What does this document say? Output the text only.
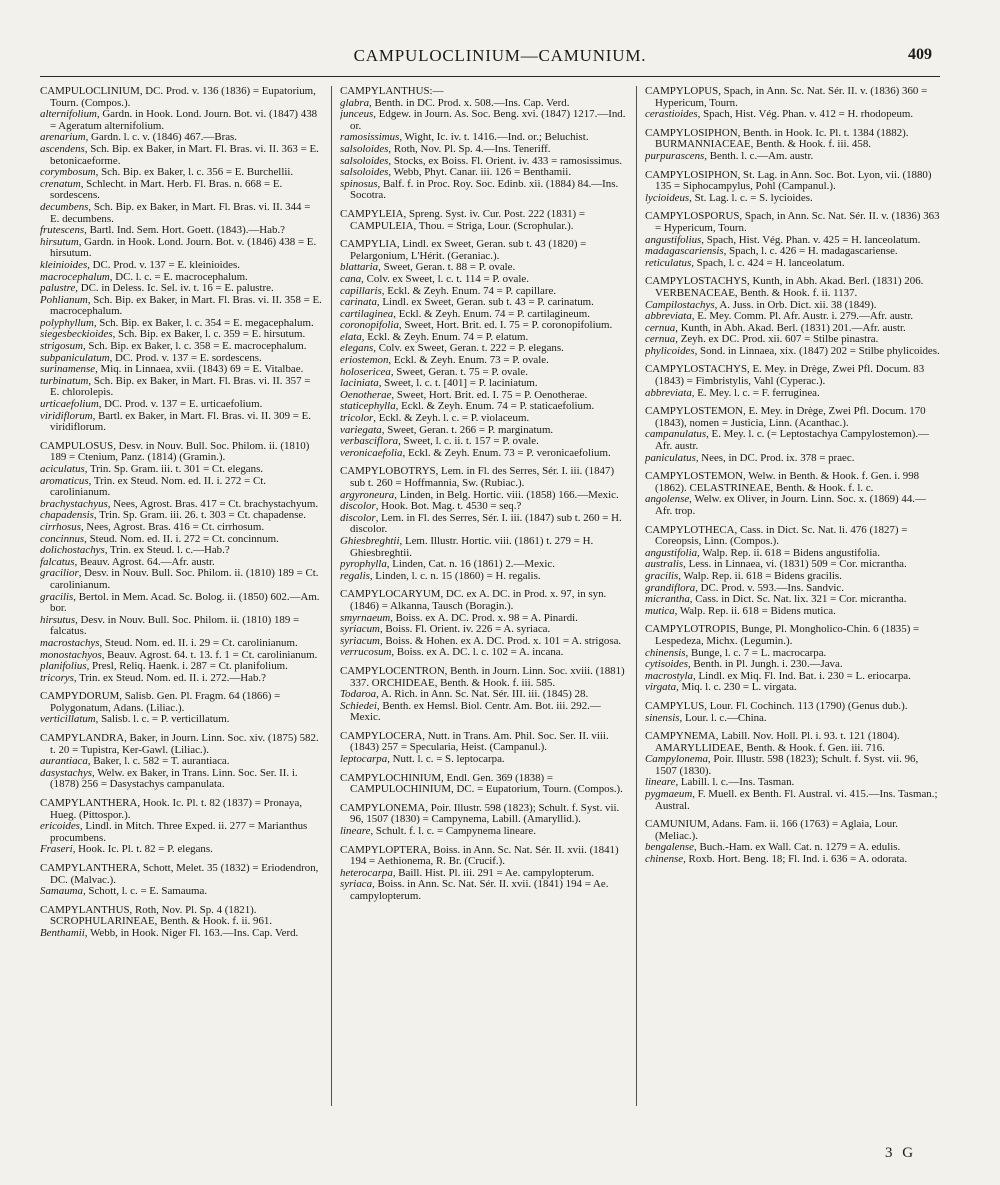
CAMPULOCLINIUM—CAMUNIUM.	409

CAMPULOCLINIUM, DC. Prod. v. 136 (1836) = Eupatorium, Tourn. (Compos.).

alternifolium, Gardn. in Hook. Lond. Journ. Bot. vi. (1847) 438 = Ageratum alternifolium.

arenarium, Gardn. l. c. v. (1846) 467.—Bras.

ascendens, Sch. Bip. ex Baker, in Mart. Fl. Bras. vi. II. 363 = E. betonicaeforme.

corymbosum, Sch. Bip. ex Baker, l. c. 356 = E. Burchellii.

crenatum, Schlecht. in Mart. Herb. Fl. Bras. n. 668 = E. sordescens.

decumbens, Sch. Bip. ex Baker, in Mart. Fl. Bras. vi. II. 344 = E. decumbens.

frutescens, Bartl. Ind. Sem. Hort. Goett. (1843).—Hab.?

hirsutum, Gardn. in Hook. Lond. Journ. Bot. v. (1846) 438 = E. hirsutum.

kleinioides, DC. Prod. v. 137 = E. kleinioides.

macrocephalum, DC. l. c. = E. macrocephalum.

palustre, DC. in Deless. Ic. Sel. iv. t. 16 = E. palustre.

Pohlianum, Sch. Bip. ex Baker, in Mart. Fl. Bras. vi. II. 358 = E. macrocephalum.

polyphyllum, Sch. Bip. ex Baker, l. c. 354 = E. megacephalum.

siegesbeckioides, Sch. Bip. ex Baker, l. c. 359 = E. hirsutum.

strigosum, Sch. Bip. ex Baker, l. c. 358 = E. macrocephalum.

subpaniculatum, DC. Prod. v. 137 = E. sordescens.

surinamense, Miq. in Linnaea, xvii. (1843) 69 = E. Vitalbae.

turbinatum, Sch. Bip. ex Baker, in Mart. Fl. Bras. vi. II. 357 = E. chlorolepis.

urticaefolium, DC. Prod. v. 137 = E. urticaefolium.

viridiflorum, Bartl. ex Baker, in Mart. Fl. Bras. vi. II. 309 = E. viridiflorum.

CAMPULOSUS, Desv. in Nouv. Bull. Soc. Philom. ii. (1810) 189 = Ctenium, Panz. (1814) (Gramin.).

aciculatus, Trin. Sp. Gram. iii. t. 301 = Ct. elegans.

aromaticus, Trin. ex Steud. Nom. ed. II. i. 272 = Ct. carolinianum.

brachystachyus, Nees, Agrost. Bras. 417 = Ct. brachystachyum.

chapadensis, Trin. Sp. Gram. iii. 26. t. 303 = Ct. chapadense.

cirrhosus, Nees, Agrost. Bras. 416 = Ct. cirrhosum.

concinnus, Steud. Nom. ed. II. i. 272 = Ct. concinnum.

dolichostachys, Trin. ex Steud. l. c.—Hab.?

falcatus, Beauv. Agrost. 64.—Afr. austr.

gracilior, Desv. in Nouv. Bull. Soc. Philom. ii. (1810) 189 = Ct. carolinianum.

gracilis, Bertol. in Mem. Acad. Sc. Bolog. ii. (1850) 602.—Am. bor.

hirsutus, Desv. in Nouv. Bull. Soc. Philom. ii. (1810) 189 = falcatus.

macrostachys, Steud. Nom. ed. II. i. 29 = Ct. carolinianum.

monostachyos, Beauv. Agrost. 64. t. 13. f. 1 = Ct. carolinianum.

planifolius, Presl, Reliq. Haenk. i. 287 = Ct. planifolium.

tricorys, Trin. ex Steud. Nom. ed. II. i. 272.—Hab.?

CAMPYDORUM, Salisb. Gen. Pl. Fragm. 64 (1866) = Polygonatum, Adans. (Liliac.).

verticillatum, Salisb. l. c. = P. verticillatum.

CAMPYLANDRA, Baker, in Journ. Linn. Soc. xiv. (1875) 582. t. 20 = Tupistra, Ker-Gawl. (Liliac.).

aurantiaca, Baker, l. c. 582 = T. aurantiaca.

dasystachys, Welw. ex Baker, in Trans. Linn. Soc. Ser. II. i. (1878) 256 = Dasystachys campanulata.

CAMPYLANTHERA, Hook. Ic. Pl. t. 82 (1837) = Pronaya, Hueg. (Pittospor.).

ericoides, Lindl. in Mitch. Three Exped. ii. 277 = Marianthus procumbens.

Fraseri, Hook. Ic. Pl. t. 82 = P. elegans.

CAMPYLANTHERA, Schott, Melet. 35 (1832) = Eriodendron, DC. (Malvac.).

Samauma, Schott, l. c. = E. Samauma.

CAMPYLANTHUS, Roth, Nov. Pl. Sp. 4 (1821). SCROPHULARINEAE, Benth. & Hook. f. ii. 961.

Benthamii, Webb, in Hook. Niger Fl. 163.—Ins. Cap. Verd.

CAMPYLANTHUS:—

glabra, Benth. in DC. Prod. x. 508.—Ins. Cap. Verd.

junceus, Edgew. in Journ. As. Soc. Beng. xvi. (1847) 1217.—Ind. or.

ramosissimus, Wight, Ic. iv. t. 1416.—Ind. or.; Beluchist.

salsoloides, Roth, Nov. Pl. Sp. 4.—Ins. Teneriff.

salsoloides, Stocks, ex Boiss. Fl. Orient. iv. 433 = ramosissimus.

salsoloides, Webb, Phyt. Canar. iii. 126 = Benthamii.

spinosus, Balf. f. in Proc. Roy. Soc. Edinb. xii. (1884) 84.—Ins. Socotra.

CAMPYLEIA, Spreng. Syst. iv. Cur. Post. 222 (1831) = CAMPULEIA, Thou. = Striga, Lour. (Scrophular.).

CAMPYLIA, Lindl. ex Sweet, Geran. sub t. 43 (1820) = Pelargonium, L'Hérit. (Geraniac.).

blattaria, Sweet, Geran. t. 88 = P. ovale.

cana, Colv. ex Sweet, l. c. t. 114 = P. ovale.

capillaris, Eckl. & Zeyh. Enum. 74 = P. capillare.

carinata, Lindl. ex Sweet, Geran. sub t. 43 = P. carinatum.

cartilaginea, Eckl. & Zeyh. Enum. 74 = P. cartilagineum.

coronopifolia, Sweet, Hort. Brit. ed. I. 75 = P. coronopifolium.

elata, Eckl. & Zeyh. Enum. 74 = P. elatum.

elegans, Colv. ex Sweet, Geran. t. 222 = P. elegans.

eriostemon, Eckl. & Zeyh. Enum. 73 = P. ovale.

holosericea, Sweet, Geran. t. 75 = P. ovale.

laciniata, Sweet, l. c. t. [401] = P. laciniatum.

Oenotherae, Sweet, Hort. Brit. ed. I. 75 = P. Oenotherae.

staticephylla, Eckl. & Zeyh. Enum. 74 = P. staticaefolium.

tricolor, Eckl. & Zeyh. l. c. = P. violaceum.

variegata, Sweet, Geran. t. 266 = P. marginatum.

verbasciflora, Sweet, l. c. ii. t. 157 = P. ovale.

veronicaefolia, Eckl. & Zeyh. Enum. 73 = P. veronicaefolium.

CAMPYLOBOTRYS, Lem. in Fl. des Serres, Sér. I. iii. (1847) sub t. 260 = Hoffmannia, Sw. (Rubiac.).

argyroneura, Linden, in Belg. Hortic. viii. (1858) 166.—Mexic.

discolor, Hook. Bot. Mag. t. 4530 = seq.?

discolor, Lem. in Fl. des Serres, Sér. I. iii. (1847) sub t. 260 = H. discolor.

Ghiesbreghtii, Lem. Illustr. Hortic. viii. (1861) t. 279 = H. Ghiesbreghtii.

pyrophylla, Linden, Cat. n. 16 (1861) 2.—Mexic.

regalis, Linden, l. c. n. 15 (1860) = H. regalis.

CAMPYLOCARYUM, DC. ex A. DC. in Prod. x. 97, in syn. (1846) = Alkanna, Tausch (Boragin.).

smyrnaeum, Boiss. ex A. DC. Prod. x. 98 = A. Pinardi.

syriacum, Boiss. Fl. Orient. iv. 226 = A. syriaca.

syriacum, Boiss. & Hohen. ex A. DC. Prod. x. 101 = A. strigosa.

verrucosum, Boiss. ex A. DC. l. c. 102 = A. incana.

CAMPYLOCENTRON, Benth. in Journ. Linn. Soc. xviii. (1881) 337. ORCHIDEAE, Benth. & Hook. f. iii. 585.

Todaroa, A. Rich. in Ann. Sc. Nat. Sér. III. iii. (1845) 28.

Schiedei, Benth. ex Hemsl. Biol. Centr. Am. Bot. iii. 292.—Mexic.

CAMPYLOCERA, Nutt. in Trans. Am. Phil. Soc. Ser. II. viii. (1843) 257 = Specularia, Heist. (Campanul.).

leptocarpa, Nutt. l. c. = S. leptocarpa.

CAMPYLOCHINIUM, Endl. Gen. 369 (1838) = CAMPULOCHINIUM, DC. = Eupatorium, Tourn. (Compos.).

CAMPYLONEMA, Poir. Illustr. 598 (1823); Schult. f. Syst. vii. 96, 1507 (1830) = Campynema, Labill. (Amaryllid.).

lineare, Schult. f. l. c. = Campynema lineare.

CAMPYLOPTERA, Boiss. in Ann. Sc. Nat. Sér. II. xvii. (1841) 194 = Aethionema, R. Br. (Crucif.).

heterocarpa, Baill. Hist. Pl. iii. 291 = Ae. campylopterum.

syriaca, Boiss. in Ann. Sc. Nat. Sér. II. xvii. (1841) 194 = Ae. campylopterum.

CAMPYLOPUS, Spach, in Ann. Sc. Nat. Sér. II. v. (1836) 360 = Hypericum, Tourn.

cerastioides, Spach, Hist. Vég. Phan. v. 412 = H. rhodopeum.

CAMPYLOSIPHON, Benth. in Hook. Ic. Pl. t. 1384 (1882). BURMANNIACEAE, Benth. & Hook. f. iii. 458.

purpurascens, Benth. l. c.—Am. austr.

CAMPYLOSIPHON, St. Lag. in Ann. Soc. Bot. Lyon, vii. (1880) 135 = Siphocampylus, Pohl (Campanul.).

lycioideus, St. Lag. l. c. = S. lycioides.

CAMPYLOSPORUS, Spach, in Ann. Sc. Nat. Sér. II. v. (1836) 363 = Hypericum, Tourn.

angustifolius, Spach, Hist. Vég. Phan. v. 425 = H. lanceolatum.

madagascariensis, Spach, l. c. 426 = H. madagascariense.

reticulatus, Spach, l. c. 424 = H. lanceolatum.

CAMPYLOSTACHYS, Kunth, in Abh. Akad. Berl. (1831) 206. VERBENACEAE, Benth. & Hook. f. ii. 1137.

Campilostachys, A. Juss. in Orb. Dict. xii. 38 (1849).

abbreviata, E. Mey. Comm. Pl. Afr. Austr. i. 279.—Afr. austr.

cernua, Kunth, in Abh. Akad. Berl. (1831) 201.—Afr. austr.

cernua, Zeyh. ex DC. Prod. xii. 607 = Stilbe pinastra.

phylicoides, Sond. in Linnaea, xix. (1847) 202 = Stilbe phylicoides.

CAMPYLOSTACHYS, E. Mey. in Drège, Zwei Pfl. Docum. 83 (1843) = Fimbristylis, Vahl (Cyperac.).

abbreviata, E. Mey. l. c. = F. ferruginea.

CAMPYLOSTEMON, E. Mey. in Drège, Zwei Pfl. Docum. 170 (1843), nomen = Justicia, Linn. (Acanthac.).

campanulatus, E. Mey. l. c. (= Leptostachya Campylostemon).—Afr. austr.

paniculatus, Nees, in DC. Prod. ix. 378 = praec.

CAMPYLOSTEMON, Welw. in Benth. & Hook. f. Gen. i. 998 (1862). CELASTRINEAE, Benth. & Hook. f. l. c.

angolense, Welw. ex Oliver, in Journ. Linn. Soc. x. (1869) 44.—Afr. trop.

CAMPYLOTHECA, Cass. in Dict. Sc. Nat. li. 476 (1827) = Coreopsis, Linn. (Compos.).

angustifolia, Walp. Rep. ii. 618 = Bidens angustifolia.

australis, Less. in Linnaea, vi. (1831) 509 = Cor. micrantha.

gracilis, Walp. Rep. ii. 618 = Bidens gracilis.

grandiflora, DC. Prod. v. 593.—Ins. Sandvic.

micrantha, Cass. in Dict. Sc. Nat. lix. 321 = Cor. micrantha.

mutica, Walp. Rep. ii. 618 = Bidens mutica.

CAMPYLOTROPIS, Bunge, Pl. Mongholico-Chin. 6 (1835) = Lespedeza, Michx. (Legumin.).

chinensis, Bunge, l. c. 7 = L. macrocarpa.

cytisoides, Benth. in Pl. Jungh. i. 230.—Java.

macrostyla, Lindl. ex Miq. Fl. Ind. Bat. i. 230 = L. eriocarpa.

virgata, Miq. l. c. 230 = L. virgata.

CAMPYLUS, Lour. Fl. Cochinch. 113 (1790) (Genus dub.).

sinensis, Lour. l. c.—China.

CAMPYNEMA, Labill. Nov. Holl. Pl. i. 93. t. 121 (1804). AMARYLLIDEAE, Benth. & Hook. f. Gen. iii. 716.

Campylonema, Poir. Illustr. 598 (1823); Schult. f. Syst. vii. 96, 1507 (1830).

lineare, Labill. l. c.—Ins. Tasman.

pygmaeum, F. Muell. ex Benth. Fl. Austral. vi. 415.—Ins. Tasman.; Austral.

CAMUNIUM, Adans. Fam. ii. 166 (1763) = Aglaia, Lour. (Meliac.).

bengalense, Buch.-Ham. ex Wall. Cat. n. 1279 = A. edulis.

chinense, Roxb. Hort. Beng. 18; Fl. Ind. i. 636 = A. odorata.

3 G
